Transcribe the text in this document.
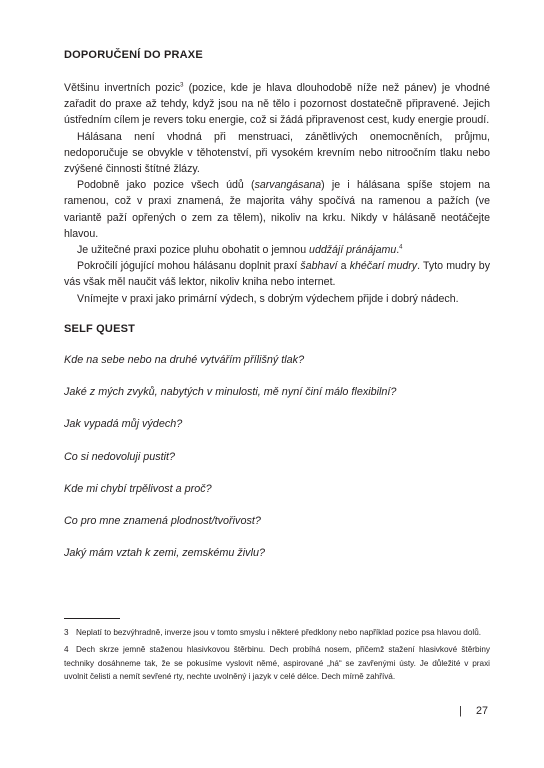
DOPORUČENÍ DO PRAXE

Většinu invertních pozic$^3$ (pozice, kde je hlava dlouhodobě níže než pánev) je vhodné zařadit do praxe až tehdy, když jsou na ně tělo i pozornost dostatečně připravené. Jejich ústředním cílem je revers toku energie, což si žádá připravenost cest, kudy energie proudí.

Hálásana není vhodná při menstruaci, zánětlivých onemocněních, průjmu, nedoporučuje se obvykle v těhotenství, při vysokém krevním nebo nitroočním tlaku nebo zvýšené činnosti štítné žlázy.

Podobně jako pozice všech údů (sarvangásana) je i hálásana spíše stojem na ramenou, což v praxi znamená, že majorita váhy spočívá na ramenou a pažích (ve variantě paží opřených o zem za tělem), nikoliv na krku. Nikdy v hálásaně neotáčejte hlavou.

Je užitečné praxi pozice pluhu obohatit o jemnou uddžájí pránájamu.$^4$

Pokročilí jógující mohou hálásanu doplnit praxí šabhaví a khéčarí mudry. Tyto mudry by vás však měl naučit váš lektor, nikoliv kniha nebo internet.

Vnímejte v praxi jako primární výdech, s dobrým výdechem přijde i dobrý nádech.

SELF QUEST

Kde na sebe nebo na druhé vytvářím přílišný tlak?

Jaké z mých zvyků, nabytých v minulosti, mě nyní činí málo flexibilní?

Jak vypadá můj výdech?

Co si nedovoluji pustit?

Kde mi chybí trpělivost a proč?

Co pro mne znamená plodnost/tvořivost?

Jaký mám vztah k zemi, zemskému živlu?

3 Neplatí to bezvýhradně, inverze jsou v tomto smyslu i některé předklony nebo například pozice psa hlavou dolů.

4 Dech skrze jemně staženou hlasivkovou štěrbinu. Dech probíhá nosem, přičemž stažení hlasivkové štěrbiny techniky dosáhneme tak, že se pokusíme vyslovit němé, aspirované „há“ se zavřenými ústy. Je důležité v praxi uvolnit čelisti a nemít sevřené rty, nechte uvolněný i jazyk v celé délce. Dech mírně zahřívá.

| 27
